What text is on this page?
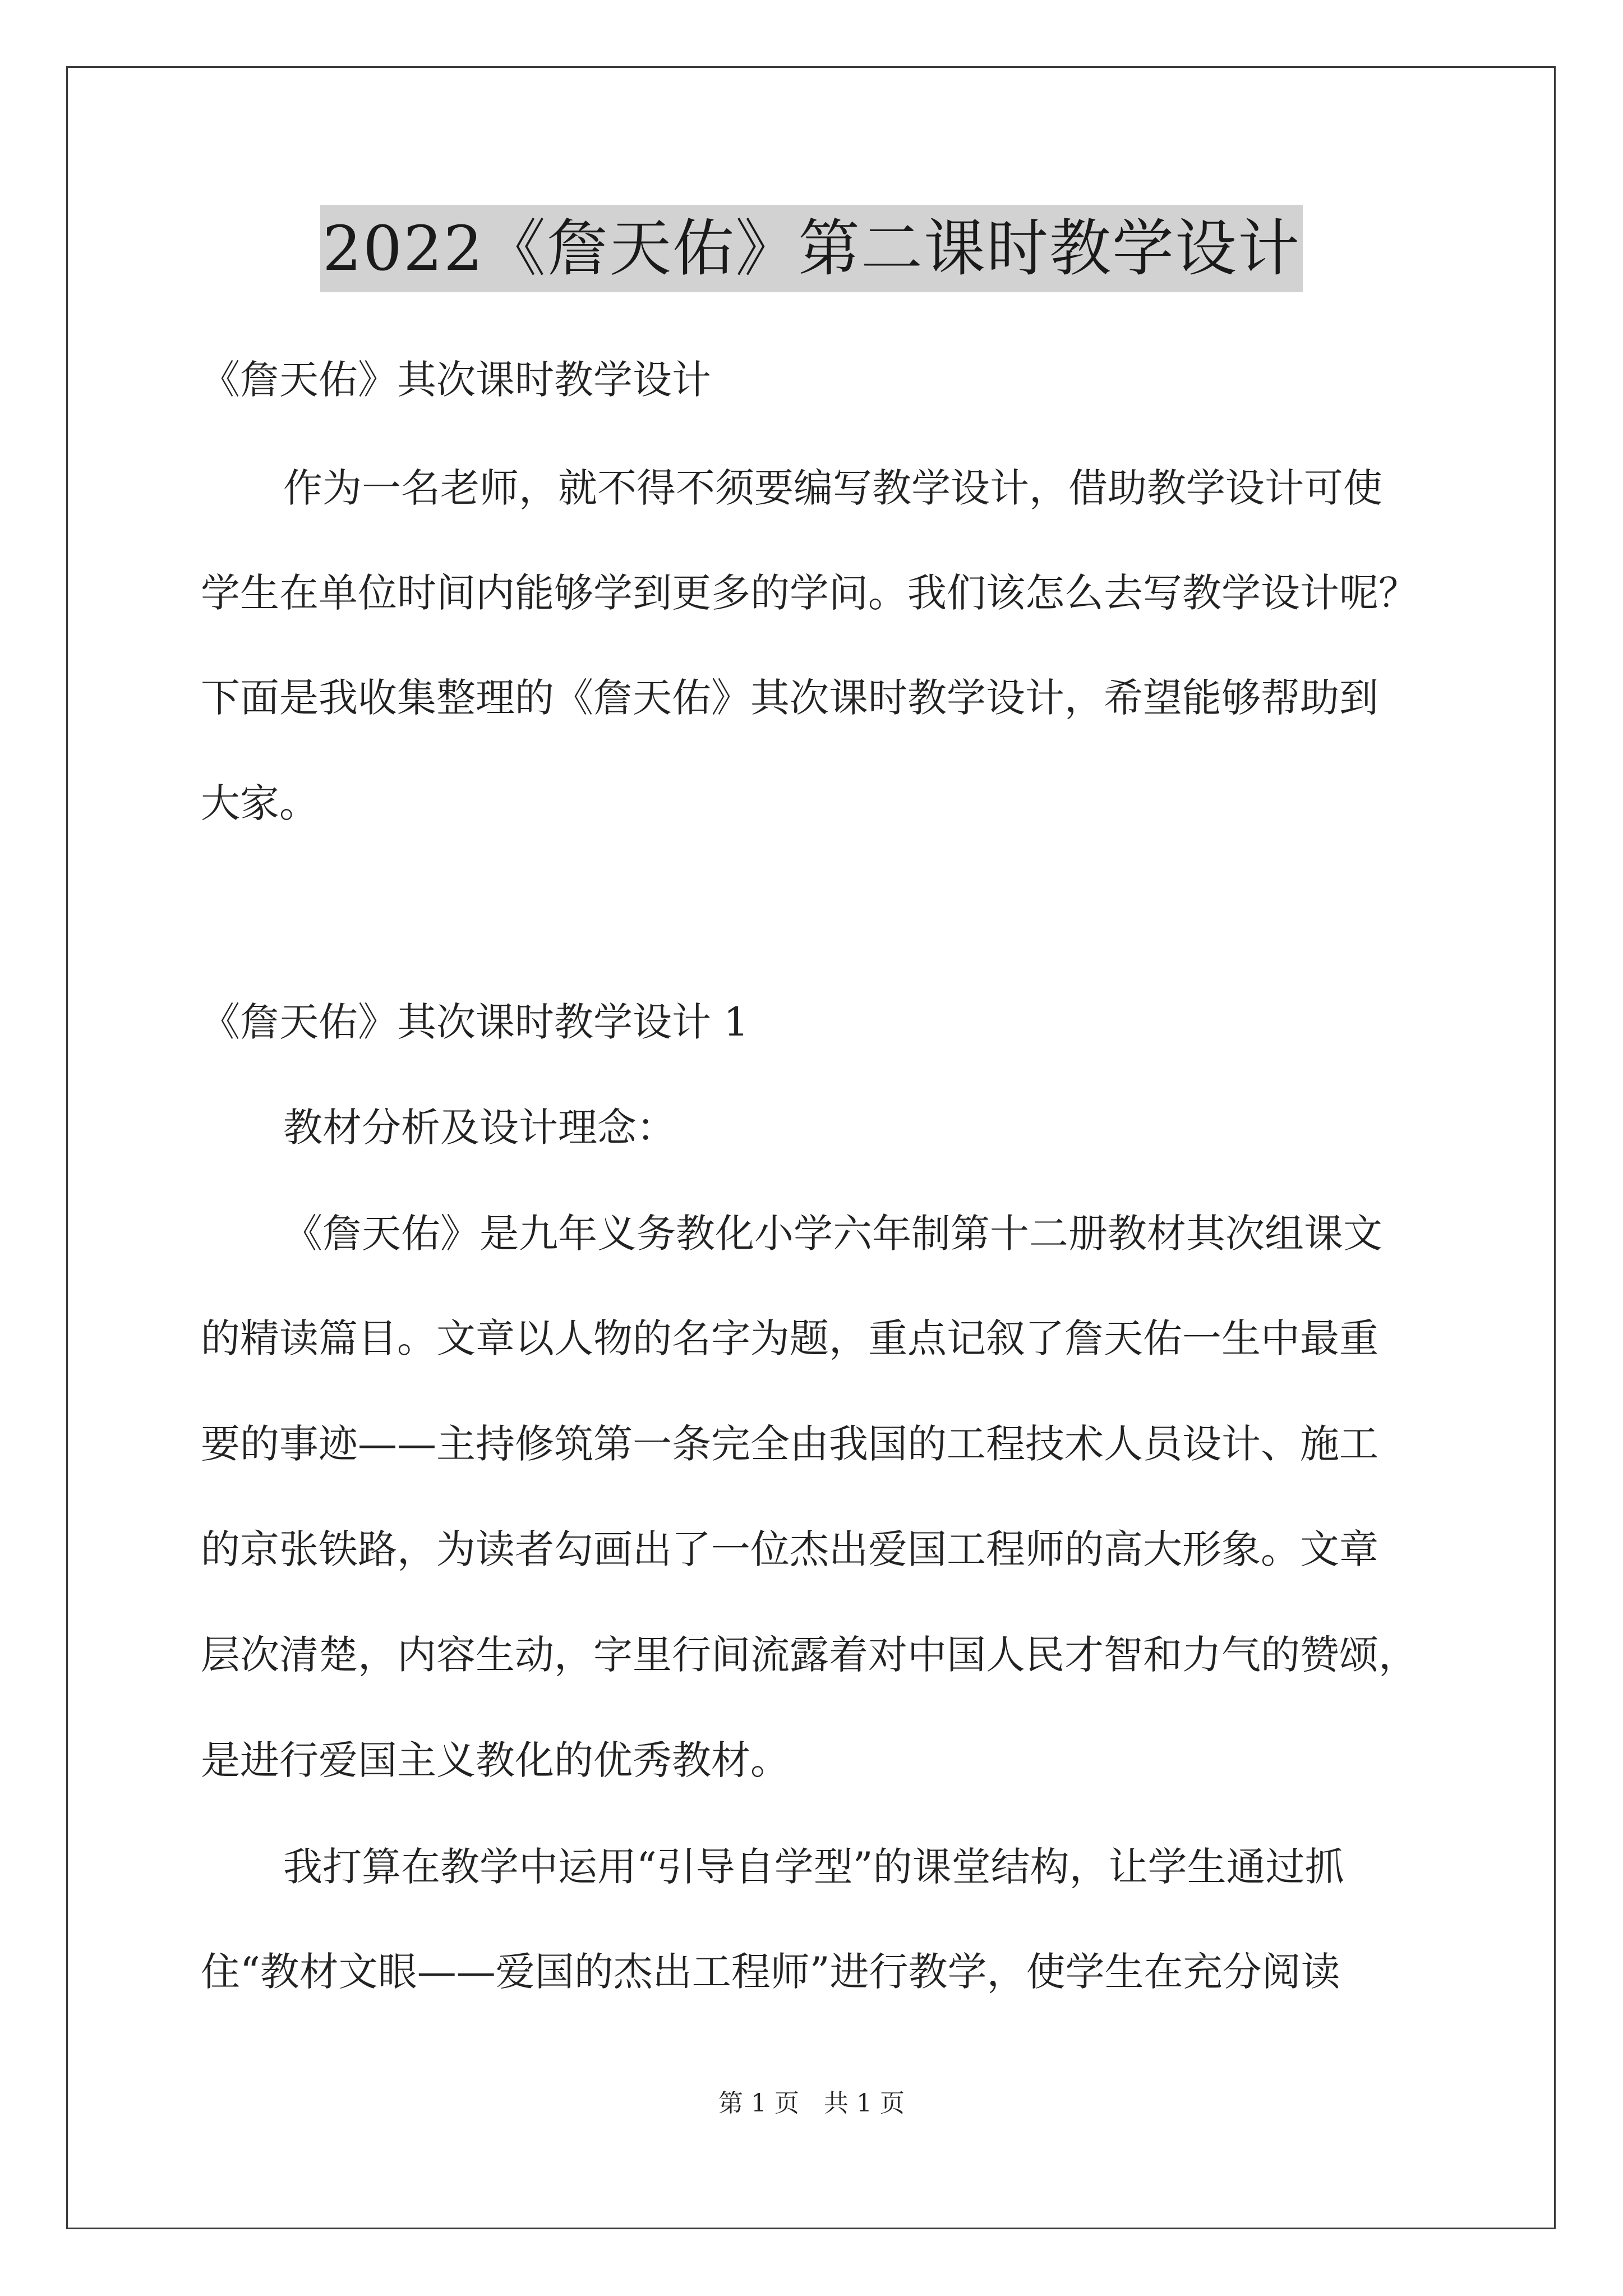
2022《詹天佑》第二课时教学设计
《詹天佑》其次课时教学设计
作为一名老师，就不得不须要编写教学设计，借助教学设计可使
学生在单位时间内能够学到更多的学问。我们该怎么去写教学设计呢？
下面是我收集整理的《詹天佑》其次课时教学设计，希望能够帮助到
大家。
《詹天佑》其次课时教学设计 1
教材分析及设计理念：
《詹天佑》是九年义务教化小学六年制第十二册教材其次组课文
的精读篇目。文章以人物的名字为题，重点记叙了詹天佑一生中最重
要的事迹——主持修筑第一条完全由我国的工程技术人员设计、施工
的京张铁路，为读者勾画出了一位杰出爱国工程师的高大形象。文章
层次清楚，内容生动，字里行间流露着对中国人民才智和力气的赞颂，
是进行爱国主义教化的优秀教材。
我打算在教学中运用“引导自学型”的课堂结构，让学生通过抓
住“教材文眼——爱国的杰出工程师”进行教学，使学生在充分阅读
第 1 页　共 1 页
